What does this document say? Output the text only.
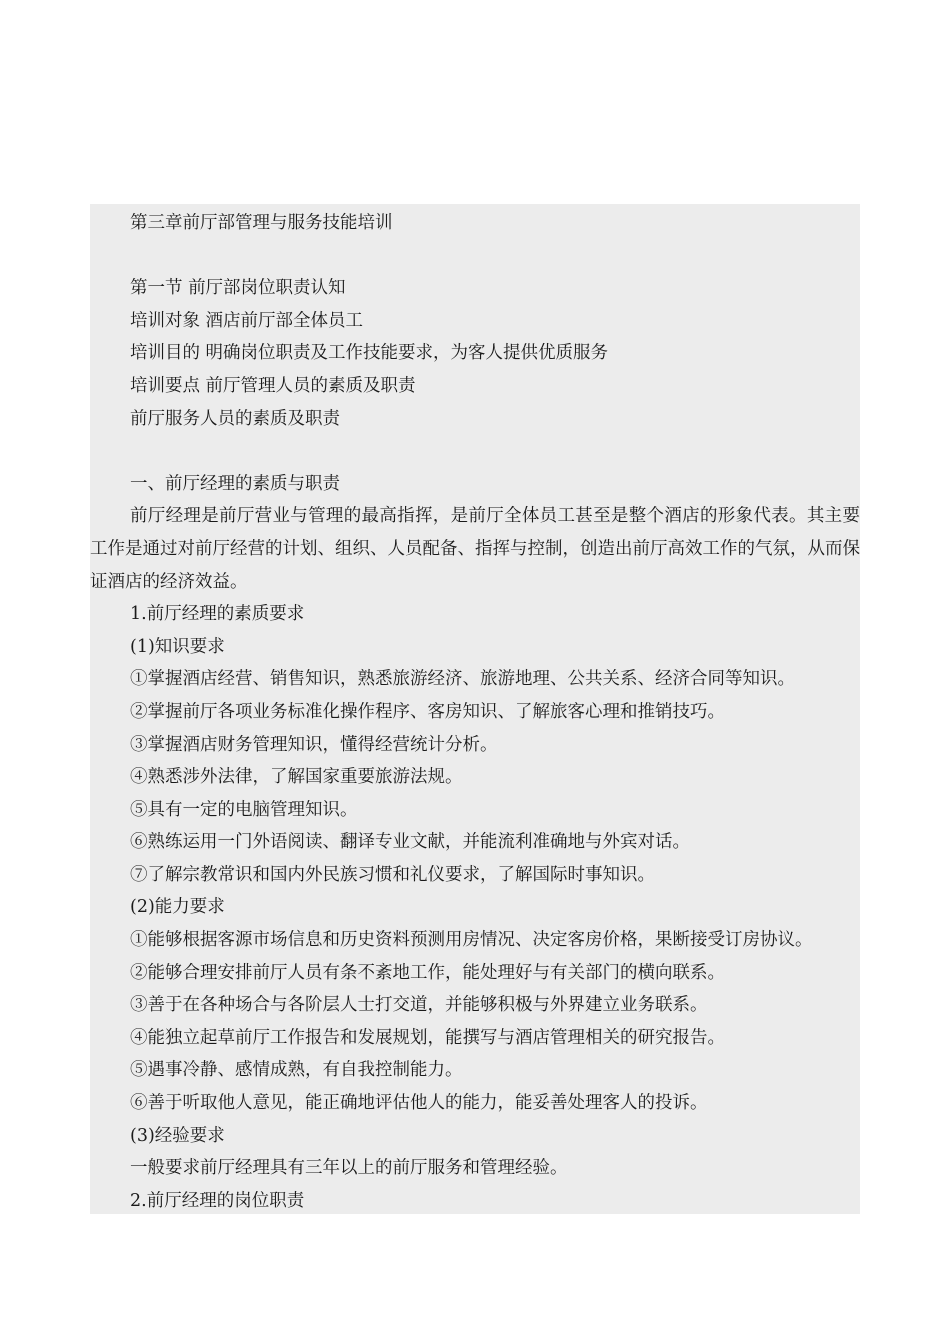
第三章前厅部管理与服务技能培训

第一节 前厅部岗位职责认知

培训对象 酒店前厅部全体员工

培训目的 明确岗位职责及工作技能要求，为客人提供优质服务

培训要点 前厅管理人员的素质及职责

前厅服务人员的素质及职责

一、前厅经理的素质与职责

前厅经理是前厅营业与管理的最高指挥，是前厅全体员工甚至是整个酒店的形象代表。其主要工作是通过对前厅经营的计划、组织、人员配备、指挥与控制，创造出前厅高效工作的气氛，从而保证酒店的经济效益。

1.前厅经理的素质要求

(1)知识要求

①掌握酒店经营、销售知识，熟悉旅游经济、旅游地理、公共关系、经济合同等知识。

②掌握前厅各项业务标准化操作程序、客房知识、了解旅客心理和推销技巧。

③掌握酒店财务管理知识，懂得经营统计分析。

④熟悉涉外法律，了解国家重要旅游法规。

⑤具有一定的电脑管理知识。

⑥熟练运用一门外语阅读、翻译专业文献，并能流利准确地与外宾对话。

⑦了解宗教常识和国内外民族习惯和礼仪要求，了解国际时事知识。

(2)能力要求

①能够根据客源市场信息和历史资料预测用房情况、决定客房价格，果断接受订房协议。

②能够合理安排前厅人员有条不紊地工作，能处理好与有关部门的横向联系。

③善于在各种场合与各阶层人士打交道，并能够积极与外界建立业务联系。

④能独立起草前厅工作报告和发展规划，能撰写与酒店管理相关的研究报告。

⑤遇事冷静、感情成熟，有自我控制能力。

⑥善于听取他人意见，能正确地评估他人的能力，能妥善处理客人的投诉。

(3)经验要求

一般要求前厅经理具有三年以上的前厅服务和管理经验。

2.前厅经理的岗位职责
